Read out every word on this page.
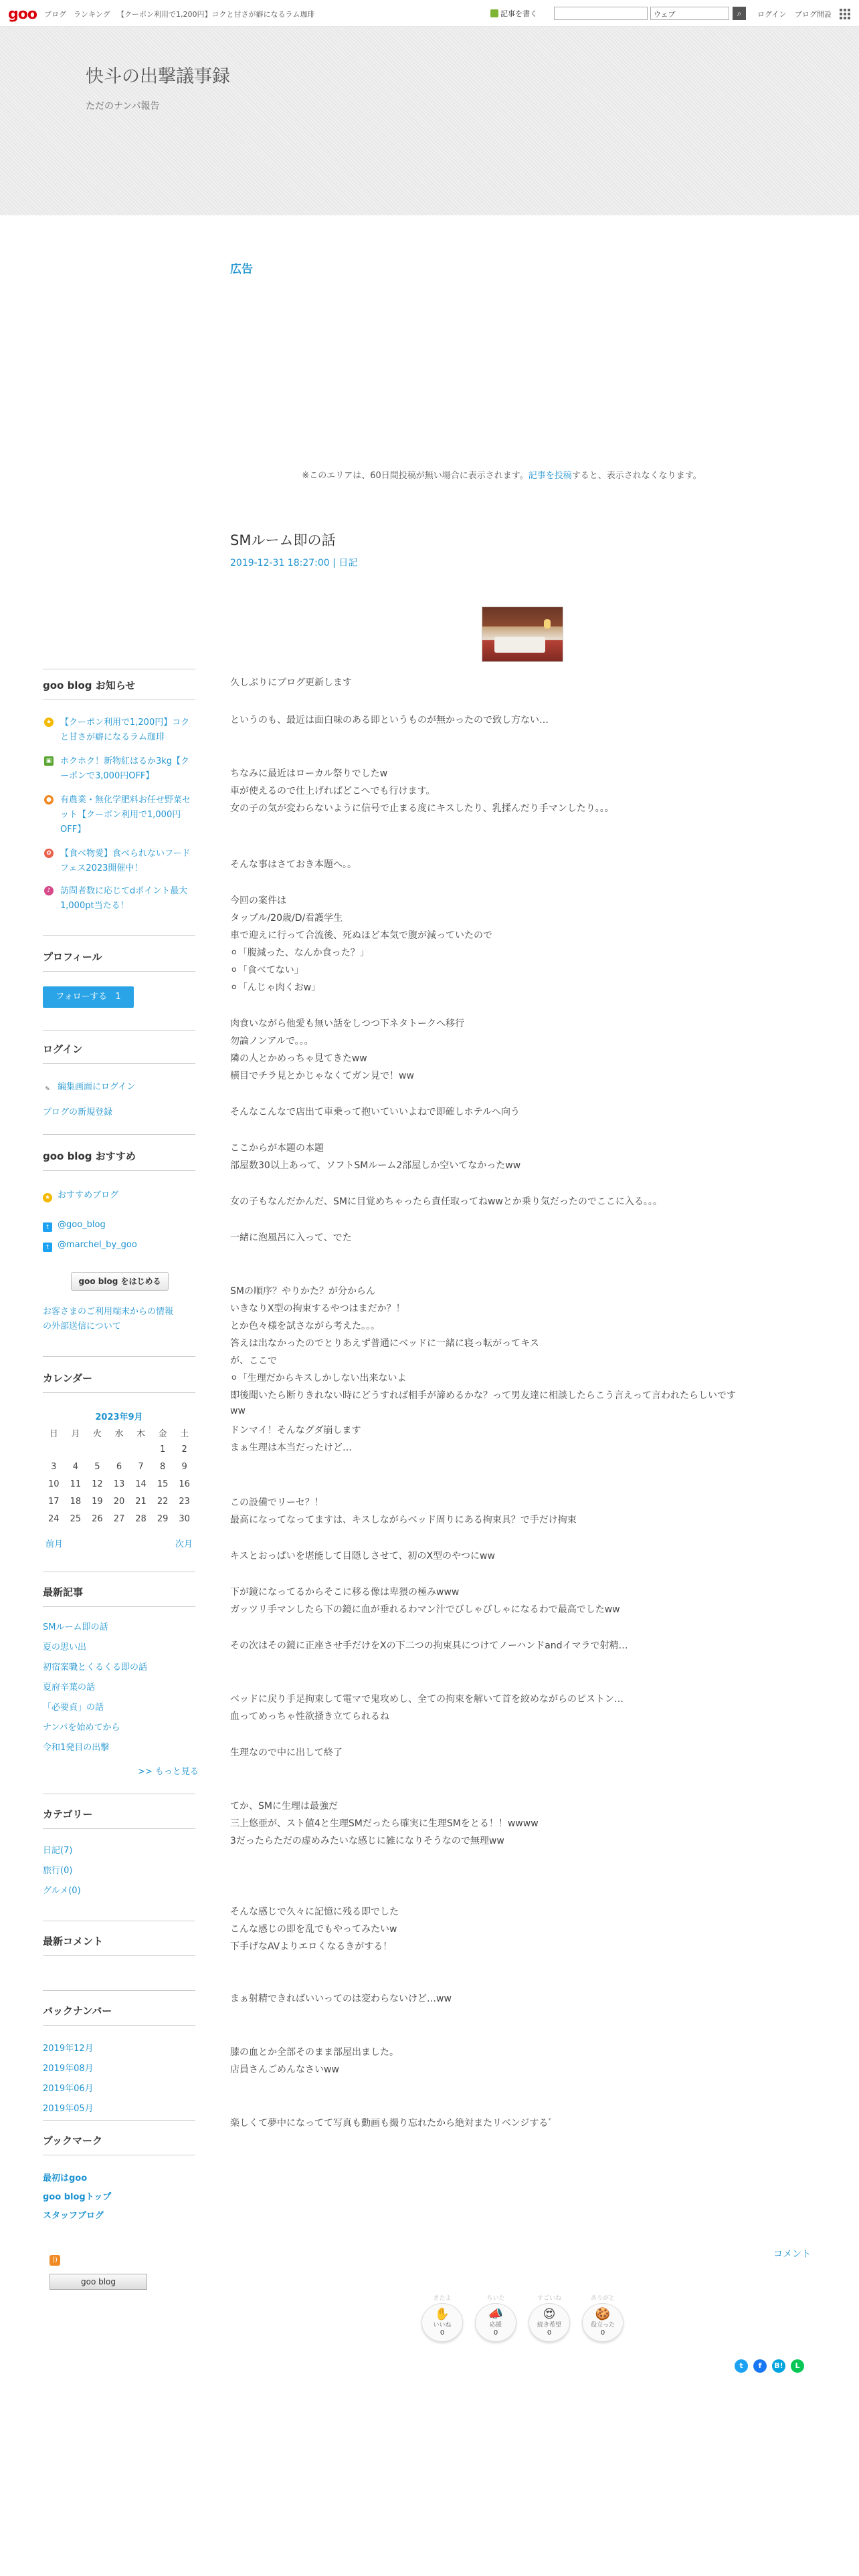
goo ブログ ランキング 【クーポン利用で1,200円】コクと甘さが癖になるラム珈琲	記事を書く	ウェブ	⌕	ログイン ブログ開設
快斗の出撃議事録
ただのナンパ報告
広告
※このエリアは、60日間投稿が無い場合に表示されます。記事を投稿すると、表示されなくなります。
SMルーム即の話
2019-12-31 18:27:00 | 日記
久しぶりにブログ更新します
というのも、最近は面白味のある即というものが無かったので致し方ない…
ちなみに最近はローカル祭りでしたw
車が使えるので仕上げればどこへでも行けます。
女の子の気が変わらないように信号で止まる度にキスしたり、乳揉んだり手マンしたり。。。
そんな事はさておき本題へ。。
今回の案件は
タップル/20歳/D/看護学生
車で迎えに行って合流後、死ぬほど本気で腹が減っていたので
⚪︎「腹減った、なんか食った？」
⚪︎「食べてない」
⚪︎「んじゃ肉くおw」
肉食いながら他愛も無い話をしつつ下ネタトークへ移行
勿論ノンアルで。。。
隣の人とかめっちゃ見てきたww
横目でチラ見とかじゃなくてガン見で！ww
そんなこんなで店出て車乗って抱いていいよねで即確しホテルへ向う
ここからが本題の本題
部屋数30以上あって、ソフトSMルーム2部屋しか空いてなかったww
女の子もなんだかんだ、SMに目覚めちゃったら責任取ってねwwとか乗り気だったのでここに入る。。。
一緒に泡風呂に入って、でた
SMの順序？やりかた？が分からん
いきなりX型の拘束するやつはまだか？！
とか色々様を試さながら考えた。。。
答えは出なかったのでとりあえず普通にベッドに一緒に寝っ転がってキス
が、ここで
⚪︎「生理だからキスしかしない出来ないよ
即後聞いたら断りきれない時にどうすれば相手が諦めるかな？って男友達に相談したらこう言えって言われたらしいです
ww
ドンマイ！そんなグダ崩します
まぁ生理は本当だったけど…
この設備でリーセ？！
最高になってなってますは、キスしながらベッド周りにある拘束具？で手だけ拘束
キスとおっぱいを堪能して目隠しさせて、初のX型のやつにww
下が鏡になってるからそこに移る像は卑猥の極みwww
ガッツリ手マンしたら下の鏡に血が垂れるわマン汁でびしゃびしゃになるわで最高でしたww
その次はその鏡に正座させ手だけをXの下二つの拘束具につけてノーハンドandイマラで射精…
ベッドに戻り手足拘束して電マで鬼攻めし、全ての拘束を解いて首を絞めながらのピストン…
血ってめっちゃ性欲掻き立てられるね
生理なので中に出して終了
てか、SMに生理は最強だ
三上悠亜が、スト値4と生理SMだったら確実に生理SMをとる！！wwww
3だったらただの虚めみたいな感じに雑になりそうなので無理ww
そんな感じで久々に記憶に残る即でした
こんな感じの即を乱でもやってみたいw
下手げなAVよりエロくなるきがする！
まぁ射精できればいいってのは変わらないけど…ww
膝の血とか全部そのまま部屋出ました。
店員さんごめんなさいww
楽しくて夢中になってて写真も動画も撮り忘れたから絶対またリベンジするﾞ
コメント
きたよ
✋
いいね
0
ちいた
📣
応援
0
すごいね
😍
続き希望
0
ありがと
🍪
役立った
0
t	f	B!	L
goo blog お知らせ
★ 【クーポン利用で1,200円】コクと甘さが癖になるラム珈琲
▣ ホクホク！新物紅はるか3kg【クーポンで3,000円OFF】
● 有農業・無化学肥料お任せ野菜セット【クーポン利用で1,000円OFF】
✿ 【食べ物愛】食べられないフードフェス2023開催中！
♪	訪問者数に応じてdポイント最大1,000pt当たる！
プロフィール
フォローする 1
ログイン
✎ 編集画面にログイン
ブログの新規登録
goo blog おすすめ
★ おすすめブログ
t @goo_blog
t @marchel_by_goo
goo blog をはじめる
お客さまのご利用端末からの情報
の外部送信について
カレンダー
2023年9月
日	月	火	水	木	金	土
					1	2
3	4	5	6	7	8	9
10	11	12	13	14	15	16
17	18	19	20	21	22	23
24	25	26	27	28	29	30
前月	次月
最新記事
SMルーム即の話
夏の思い出
初宿案職とくるくる即の話
夏府辛葉の話
「必要貞」の話
ナンパを始めてから
令和1発目の出撃
>> もっと見る
カテゴリー
日記(7)
旅行(0)
グルメ(0)
最新コメント
バックナンバー
2019年12月
2019年08月
2019年06月
2019年05月
ブックマーク
最初はgoo
goo blogトップ
スタッフブログ
))
goo blog
